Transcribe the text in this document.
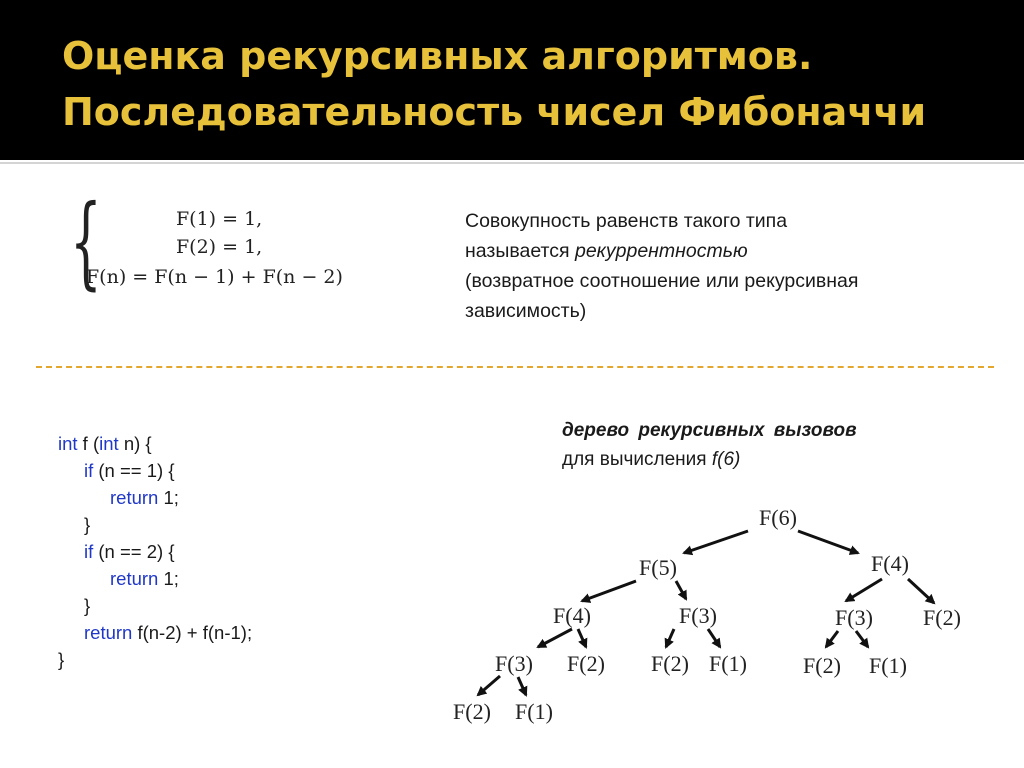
Оценка рекурсивных алгоритмов.
Последовательность чисел Фибоначчи
{	F(1) = 1,
F(2) = 1,
F(n) = F(n − 1) + F(n − 2)

Совокупность равенств такого типа

называется рекуррентностью

(возвратное соотношение или рекурсивная

зависимость)

int f (int n) {
if (n == 1) {
return 1;
}
if (n == 2) {
return 1;
}
return f(n-2) + f(n-1);
}
дерево рекурсивных вызовов
для вычисления f(6)
F(6)
F(5)	F(4)
F(4)	F(3)	F(3) F(2)
F(3) F(2) F(2) F(1)	F(2) F(1)
F(2) F(1)
